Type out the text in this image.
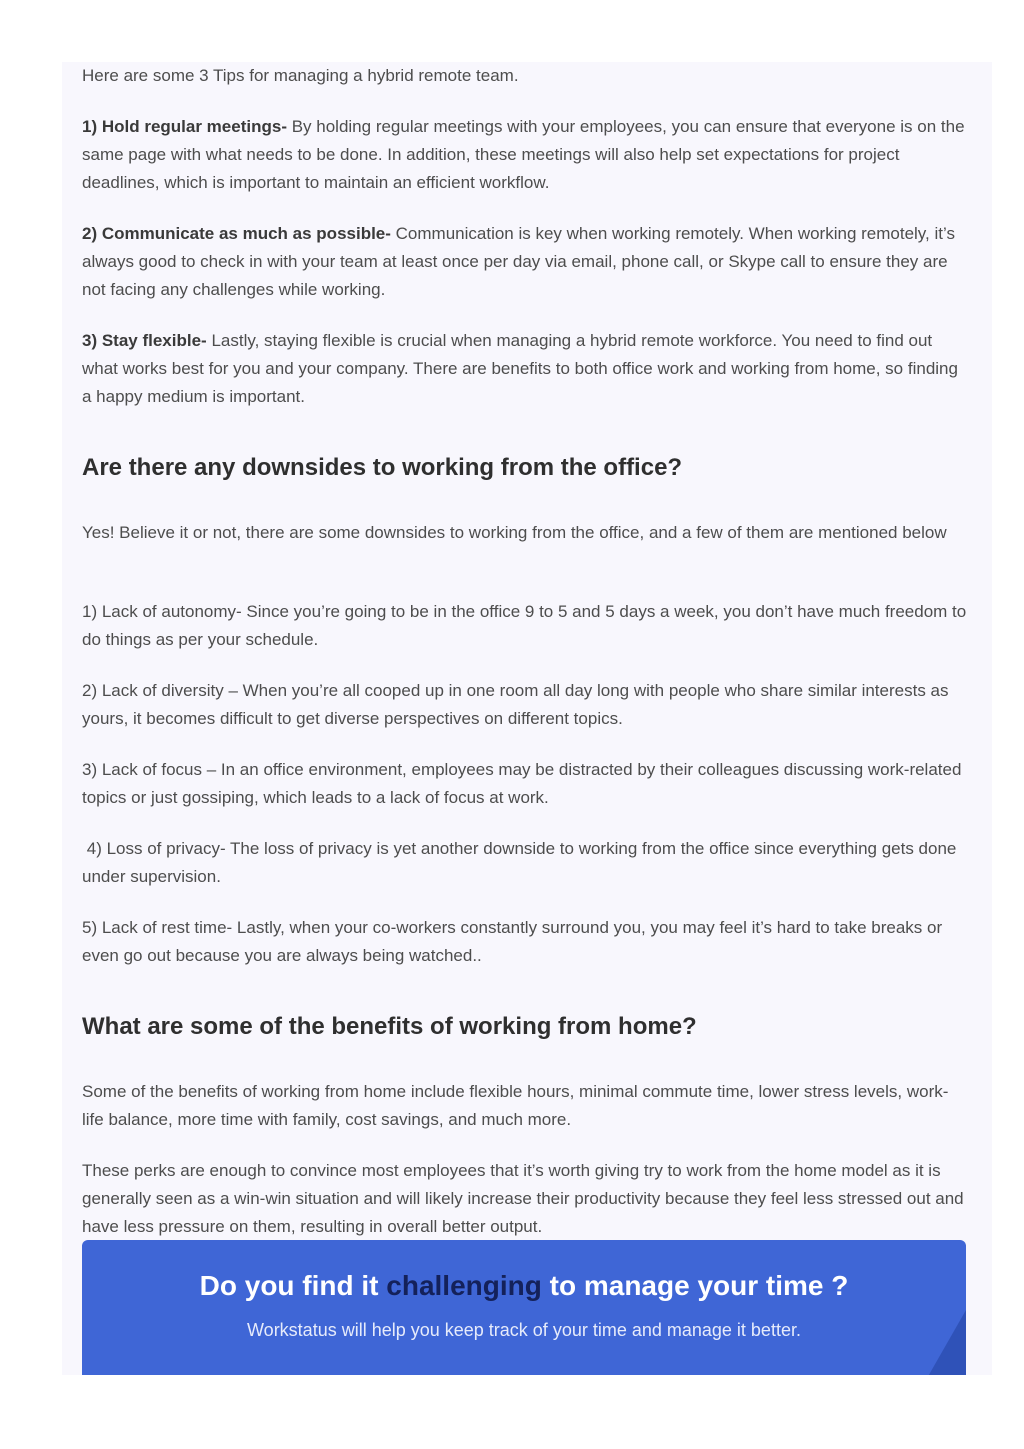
Here are some 3 Tips for managing a hybrid remote team.

1) Hold regular meetings- By holding regular meetings with your employees, you can ensure that everyone is on the same page with what needs to be done. In addition, these meetings will also help set expectations for project deadlines, which is important to maintain an efficient workflow.

2) Communicate as much as possible- Communication is key when working remotely. When working remotely, it’s always good to check in with your team at least once per day via email, phone call, or Skype call to ensure they are not facing any challenges while working.

3) Stay flexible- Lastly, staying flexible is crucial when managing a hybrid remote workforce. You need to find out what works best for you and your company. There are benefits to both office work and working from home, so finding a happy medium is important.

Are there any downsides to working from the office?

Yes! Believe it or not, there are some downsides to working from the office, and a few of them are mentioned below

1) Lack of autonomy- Since you’re going to be in the office 9 to 5 and 5 days a week, you don’t have much freedom to do things as per your schedule.

2) Lack of diversity – When you’re all cooped up in one room all day long with people who share similar interests as yours, it becomes difficult to get diverse perspectives on different topics.

3) Lack of focus – In an office environment, employees may be distracted by their colleagues discussing work-related topics or just gossiping, which leads to a lack of focus at work.

4) Loss of privacy- The loss of privacy is yet another downside to working from the office since everything gets done under supervision.

5) Lack of rest time- Lastly, when your co-workers constantly surround you, you may feel it’s hard to take breaks or even go out because you are always being watched..

What are some of the benefits of working from home?

Some of the benefits of working from home include flexible hours, minimal commute time, lower stress levels, work-life balance, more time with family, cost savings, and much more.

These perks are enough to convince most employees that it’s worth giving try to work from the home model as it is generally seen as a win-win situation and will likely increase their productivity because they feel less stressed out and have less pressure on them, resulting in overall better output.

Do you find it challenging to manage your time ?
Workstatus will help you keep track of your time and manage it better.
